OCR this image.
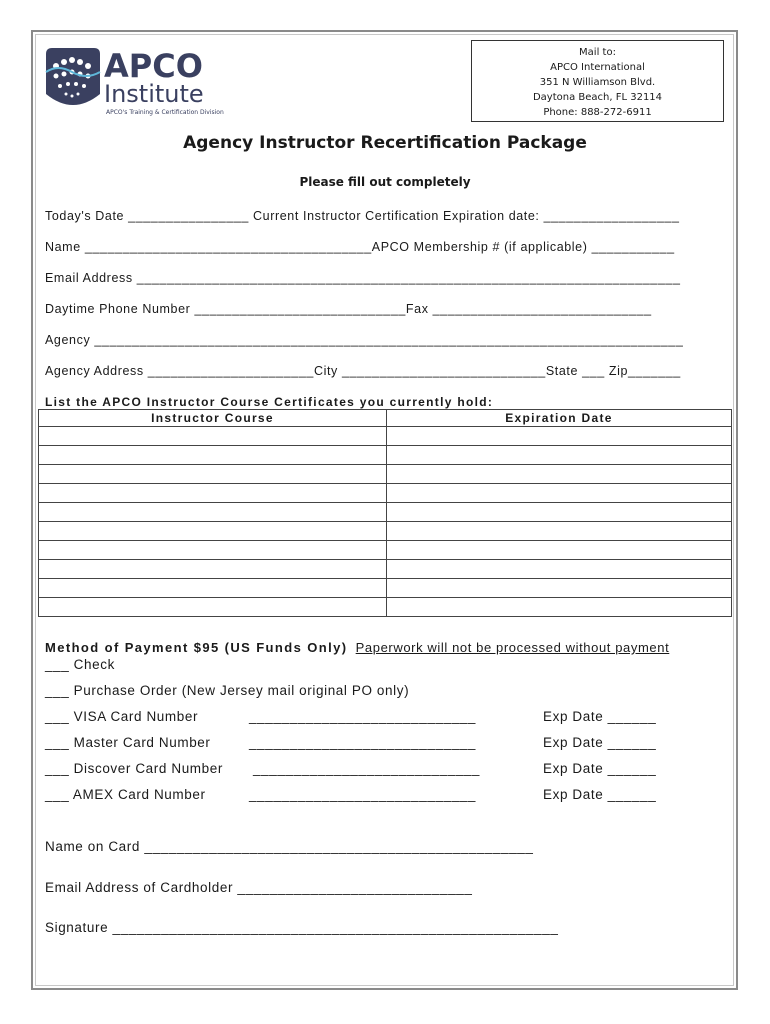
APCO
Institute
APCO's Training & Certification Division
Mail to:
APCO International
351 N Williamson Blvd.
Daytona Beach, FL 32114
Phone: 888-272-6911
Agency Instructor Recertification Package
Please fill out completely
Today's Date ________________ Current Instructor Certification Expiration date: __________________
Name ______________________________________APCO Membership # (if applicable) ___________
Email Address ________________________________________________________________________
Daytime Phone Number ____________________________Fax _____________________________
Agency ______________________________________________________________________________
Agency Address ______________________City ___________________________State ___ Zip_______
List the APCO Instructor Course Certificates you currently hold:
Instructor Course	Expiration Date

Method of Payment $95 (US Funds Only) Paperwork will not be processed without payment
___ Check
___ Purchase Order (New Jersey mail original PO only)
___ VISA Card Number	____________________________	Exp Date ______
___ Master Card Number	____________________________	Exp Date ______
___ Discover Card Number ____________________________	Exp Date ______
___ AMEX Card Number	____________________________	Exp Date ______
Name on Card ________________________________________________
Email Address of Cardholder _____________________________
Signature _______________________________________________________
